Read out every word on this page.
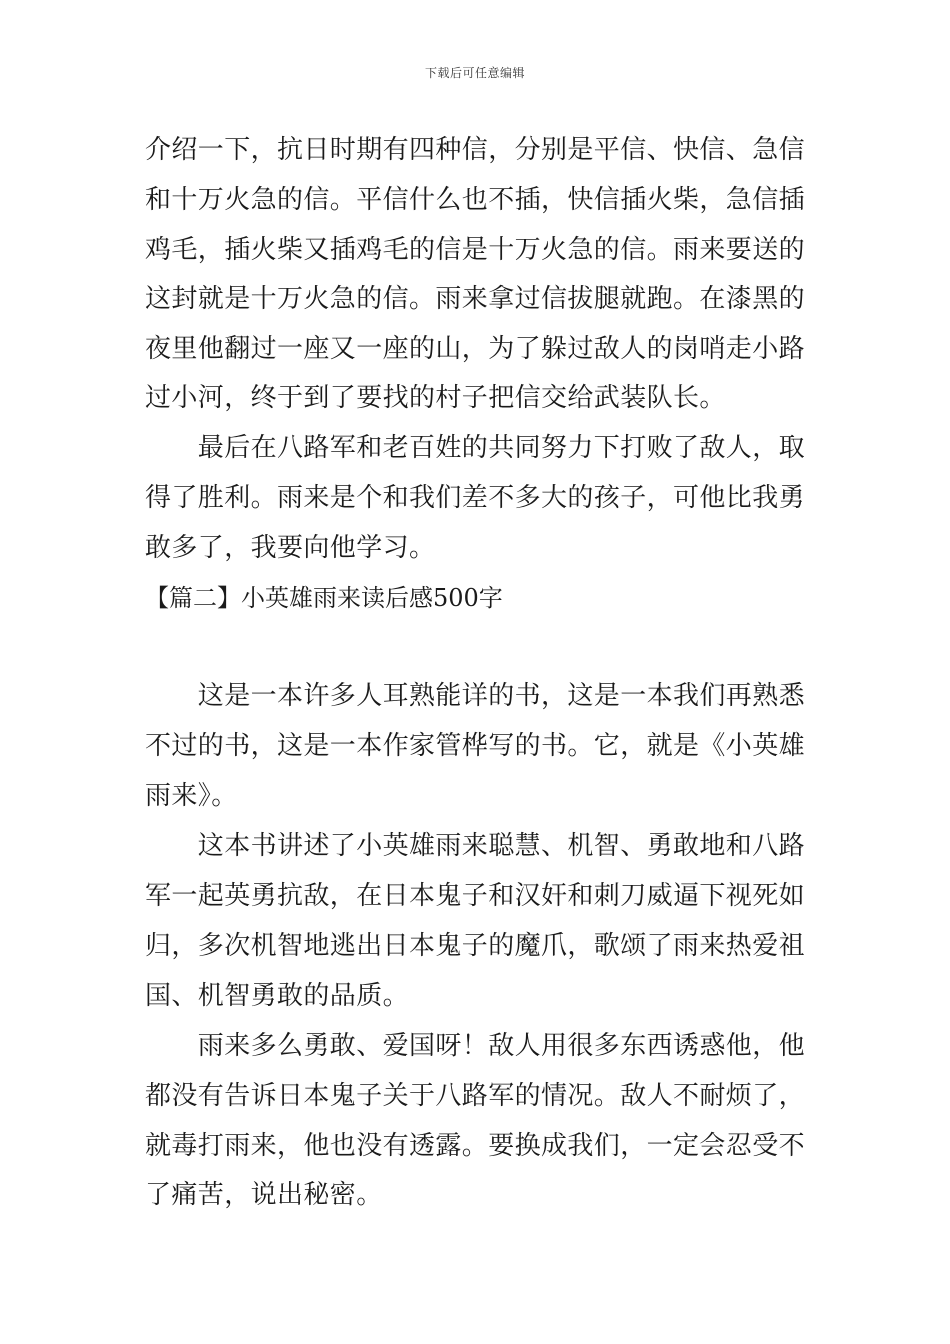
下载后可任意编辑
介绍一下，抗日时期有四种信，分别是平信、快信、急信
和十万火急的信。平信什么也不插，快信插火柴，急信插
鸡毛，插火柴又插鸡毛的信是十万火急的信。雨来要送的
这封就是十万火急的信。雨来拿过信拔腿就跑。在漆黑的
夜里他翻过一座又一座的山，为了躲过敌人的岗哨走小路
过小河，终于到了要找的村子把信交给武装队长。
　　最后在八路军和老百姓的共同努力下打败了敌人，取
得了胜利。雨来是个和我们差不多大的孩子，可他比我勇
敢多了，我要向他学习。
【篇二】小英雄雨来读后感500字
　　这是一本许多人耳熟能详的书，这是一本我们再熟悉
不过的书，这是一本作家管桦写的书。它，就是《小英雄
雨来》。
　　这本书讲述了小英雄雨来聪慧、机智、勇敢地和八路
军一起英勇抗敌，在日本鬼子和汉奸和刺刀威逼下视死如
归，多次机智地逃出日本鬼子的魔爪，歌颂了雨来热爱祖
国、机智勇敢的品质。
　　雨来多么勇敢、爱国呀！敌人用很多东西诱惑他，他
都没有告诉日本鬼子关于八路军的情况。敌人不耐烦了，
就毒打雨来，他也没有透露。要换成我们，一定会忍受不
了痛苦，说出秘密。
